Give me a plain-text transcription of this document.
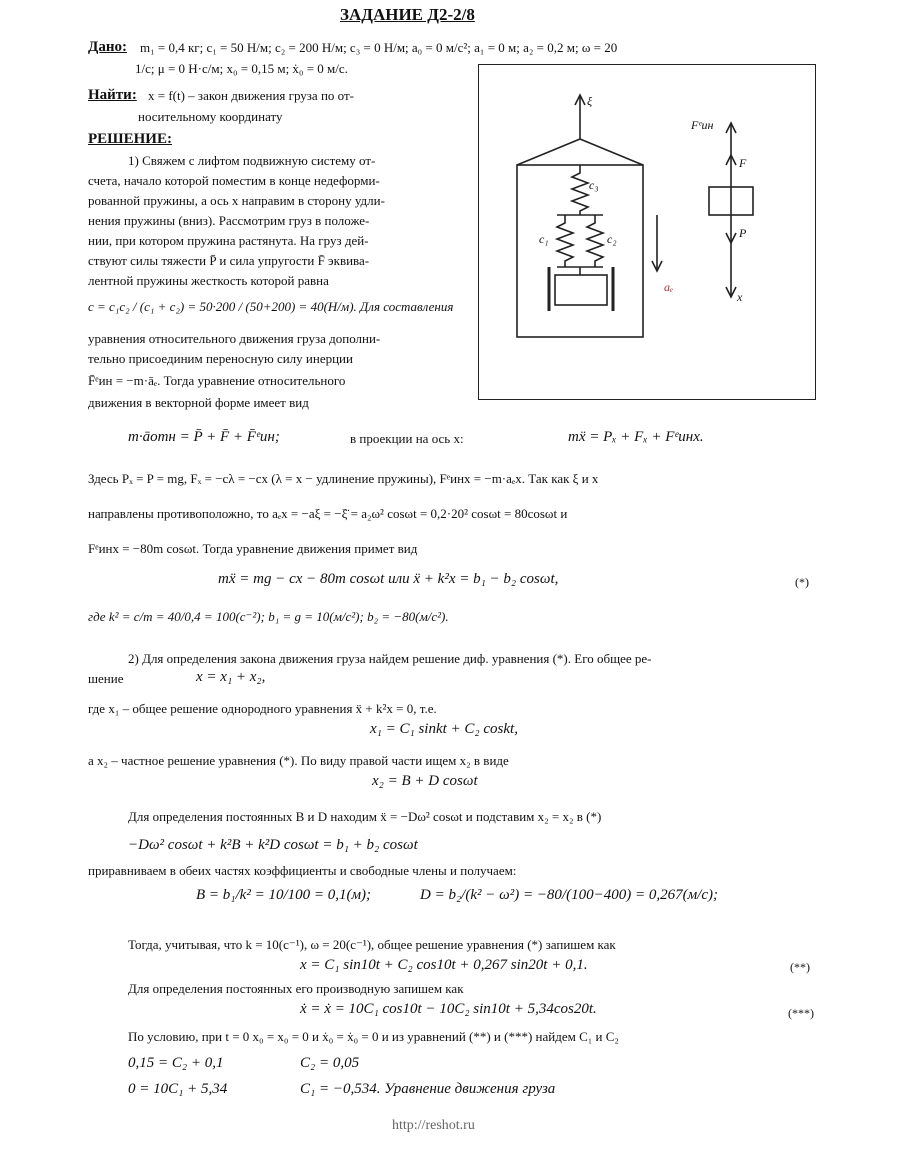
ЗАДАНИЕ Д2-2/8
Дано: m₁ = 0,4 кг; c₁ = 50 Н/м; c₂ = 200 Н/м; c₃ = 0 Н/м; a₀ = 0 м/с²; a₁ = 0 м; a₂ = 0,2 м; ω = 20
1/с; μ = 0 Н·с/м; x₀ = 0,15 м; ẋ₀ = 0 м/с.
Найти: x = f(t) – закон движения груза по от-
носительному координату
РЕШЕНИЕ:
1) Свяжем с лифтом подвижную систему от-
счета, начало которой поместим в конце недеформи-
рованной пружины, а ось x направим в сторону удли-
нения пружины (вниз). Рассмотрим груз в положе-
нии, при котором пружина растянута. На груз дей-
ствуют силы тяжести P̄ и сила упругости F̄ эквива-
лентной пружины жесткость которой равна
c = c₁c₂ / (c₁ + c₂) = 50·200 / (50+200) = 40(Н/м). Для составления
уравнения относительного движения груза дополни-
тельно присоединим переносную силу инерции
F̄ᵉин = −m·āₑ. Тогда уравнение относительного
движения в векторной форме имеет вид
m·āотн = P̄ + F̄ + F̄ᵉин;	в проекции на ось x:	mẍ = Pₓ + Fₓ + Fᵉинx.
Здесь Pₓ = P = mg, Fₓ = −cλ = −cx (λ = x − удлинение пружины), Fᵉинx = −m·aₑx. Так как ξ и x
направлены противоположно, то aₑx = −aξ = −ξ̈ = a₂ω² cosωt = 0,2·20² cosωt = 80cosωt и
Fᵉинx = −80m cosωt. Тогда уравнение движения примет вид
mẍ = mg − cx − 80m cosωt или ẍ + k²x = b₁ − b₂ cosωt,	(*)
где k² = c/m = 40/0,4 = 100(с⁻²); b₁ = g = 10(м/с²); b₂ = −80(м/с²).
2) Для определения закона движения груза найдем решение диф. уравнения (*). Его общее ре-
шение	x = x₁ + x₂,
где x₁ – общее решение однородного уравнения ẍ + k²x = 0, т.е.
x₁ = C₁ sinkt + C₂ coskt,
а x₂ – частное решение уравнения (*). По виду правой части ищем x₂ в виде
x₂ = B + D cosωt
Для определения постоянных B и D находим ẍ = −Dω² cosωt и подставим x₂ = x₂ в (*)
−Dω² cosωt + k²B + k²D cosωt = b₁ + b₂ cosωt
приравниваем в обеих частях коэффициенты и свободные члены и получаем:
B = b₁/k² = 10/100 = 0,1(м);	D = b₂/(k² − ω²) = −80/(100−400) = 0,267(м/с);
Тогда, учитывая, что k = 10(с⁻¹), ω = 20(с⁻¹), общее решение уравнения (*) запишем как
x = C₁ sin10t + C₂ cos10t + 0,267 sin20t + 0,1.	(**)
Для определения постоянных его производную запишем как
ẋ = ẋ = 10C₁ cos10t − 10C₂ sin10t + 5,34cos20t.	(***)
По условию, при t = 0 x₀ = x₀ = 0 и ẋ₀ = ẋ₀ = 0 и из уравнений (**) и (***) найдем C₁ и C₂
0,15 = C₂ + 0,1	C₂ = 0,05
0 = 10C₁ + 5,34	C₁ = −0,534. Уравнение движения груза
http://reshot.ru
ξ
c₃
c₁	c₂
aₑ
Fᵉин
F
P
x
